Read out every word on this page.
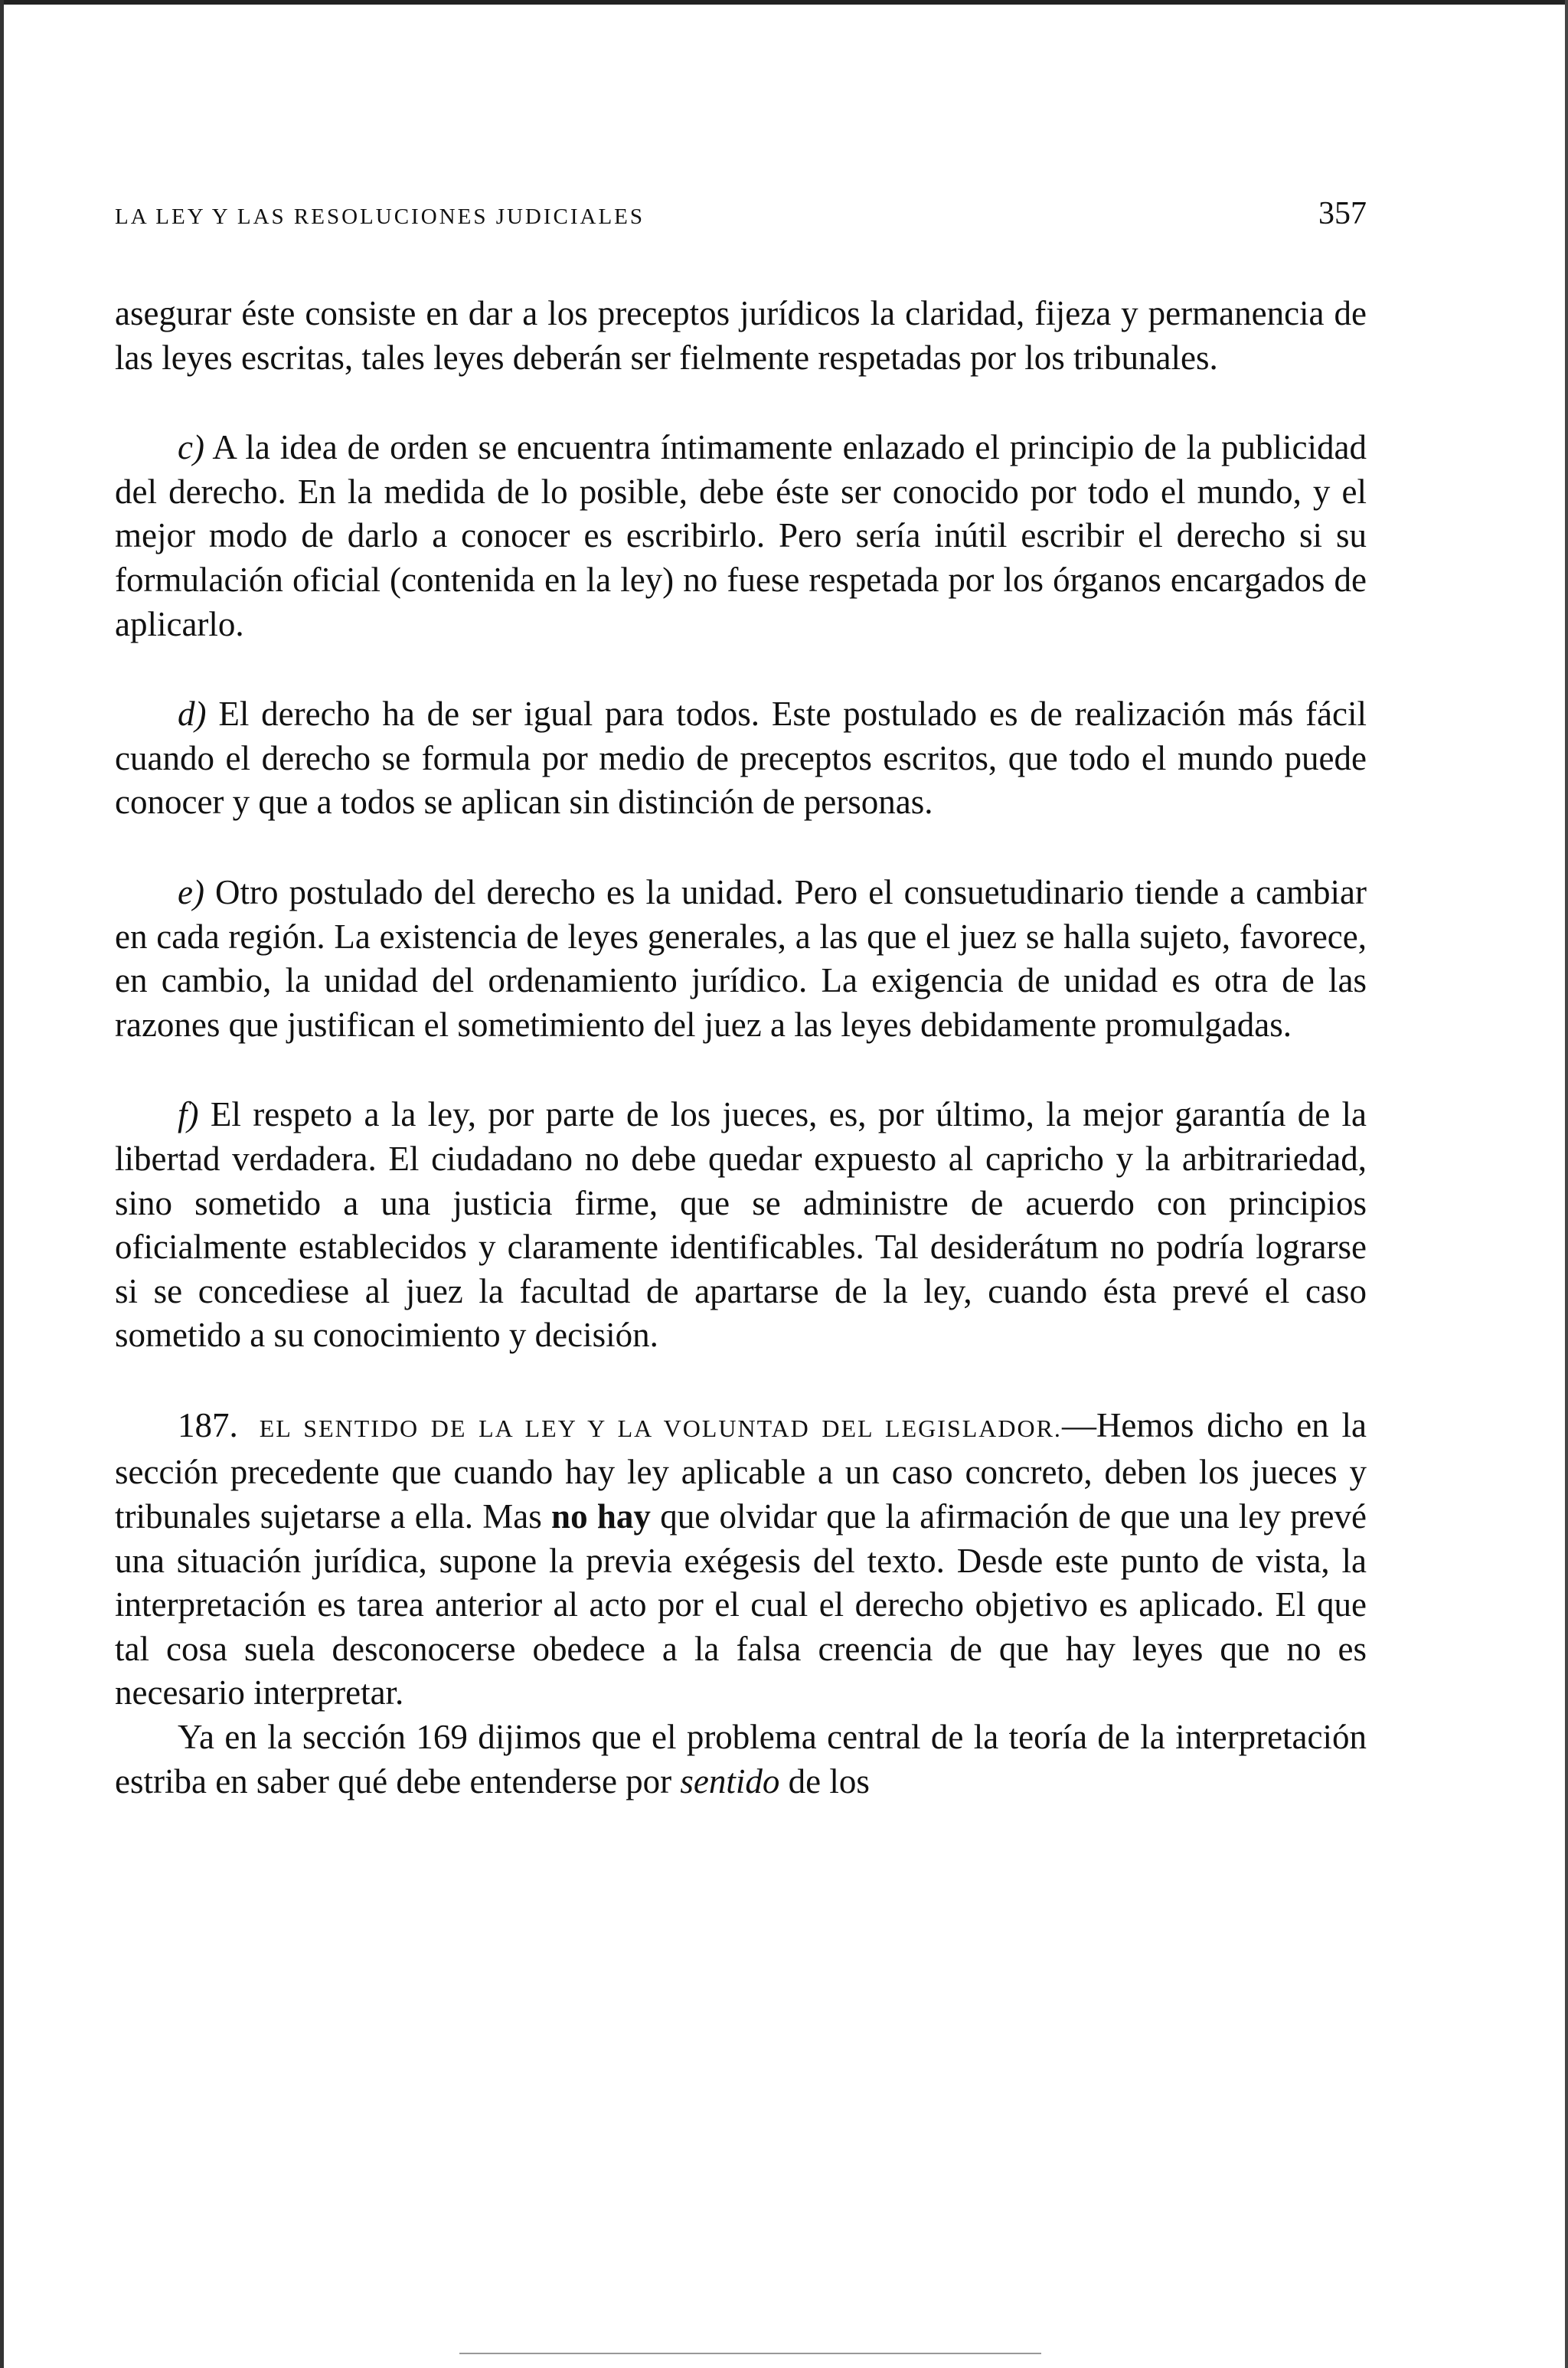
LA LEY Y LAS RESOLUCIONES JUDICIALES	357

asegurar éste consiste en dar a los preceptos jurídicos la claridad, fijeza y permanencia de las leyes escritas, tales leyes deberán ser fielmente respetadas por los tribunales.

c) A la idea de orden se encuentra íntimamente enlazado el principio de la publicidad del derecho. En la medida de lo posible, debe éste ser conocido por todo el mundo, y el mejor modo de darlo a conocer es escribirlo. Pero sería inútil escribir el derecho si su formulación oficial (contenida en la ley) no fuese respetada por los órganos encargados de aplicarlo.

d) El derecho ha de ser igual para todos. Este postulado es de realización más fácil cuando el derecho se formula por medio de preceptos escritos, que todo el mundo puede conocer y que a todos se aplican sin distinción de personas.

e) Otro postulado del derecho es la unidad. Pero el consuetudinario tiende a cambiar en cada región. La existencia de leyes generales, a las que el juez se halla sujeto, favorece, en cambio, la unidad del ordenamiento jurídico. La exigencia de unidad es otra de las razones que justifican el sometimiento del juez a las leyes debidamente promulgadas.

f) El respeto a la ley, por parte de los jueces, es, por último, la mejor garantía de la libertad verdadera. El ciudadano no debe quedar expuesto al capricho y la arbitrariedad, sino sometido a una justicia firme, que se administre de acuerdo con principios oficialmente establecidos y claramente identificables. Tal desiderátum no podría lograrse si se concediese al juez la facultad de apartarse de la ley, cuando ésta prevé el caso sometido a su conocimiento y decisión.

187. EL SENTIDO DE LA LEY Y LA VOLUNTAD DEL LEGISLADOR.—Hemos dicho en la sección precedente que cuando hay ley aplicable a un caso concreto, deben los jueces y tribunales sujetarse a ella. Mas no hay que olvidar que la afirmación de que una ley prevé una situación jurídica, supone la previa exégesis del texto. Desde este punto de vista, la interpretación es tarea anterior al acto por el cual el derecho objetivo es aplicado. El que tal cosa suela desconocerse obedece a la falsa creencia de que hay leyes que no es necesario interpretar.

Ya en la sección 169 dijimos que el problema central de la teoría de la interpretación estriba en saber qué debe entenderse por sentido de los
